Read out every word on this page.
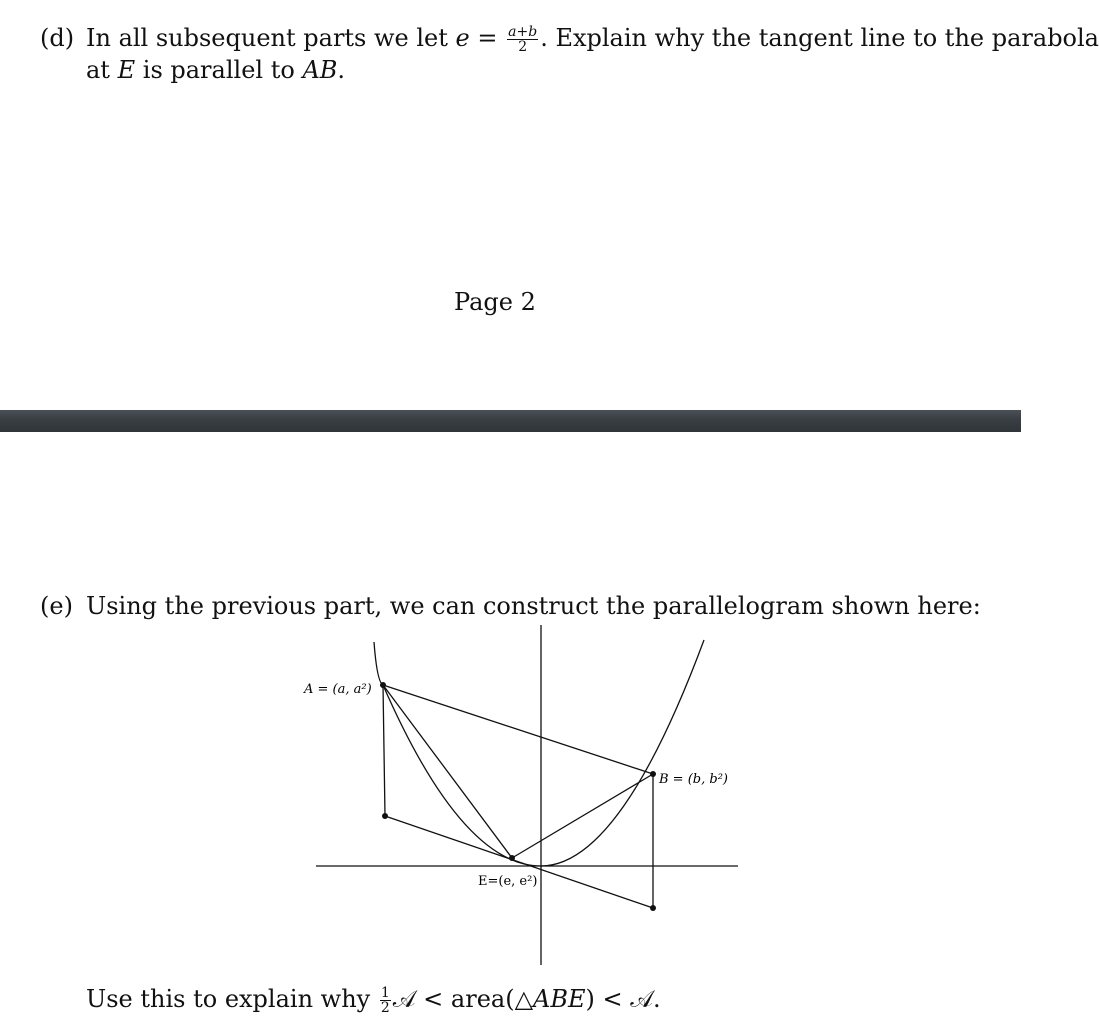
(d) In all subsequent parts we let $e = \frac{a+b}{2}$ . Explain why the tangent line to the parabola
at E is parallel to AB.
Page 2
(e) Using the previous part, we can construct the parallelogram shown here:
A = (a, a²)
B = (b, b²)
E=(e, e²)
Use this to explain why $\frac{1}{2}$ 𝒜 < area(△ABE) < 𝒜.
